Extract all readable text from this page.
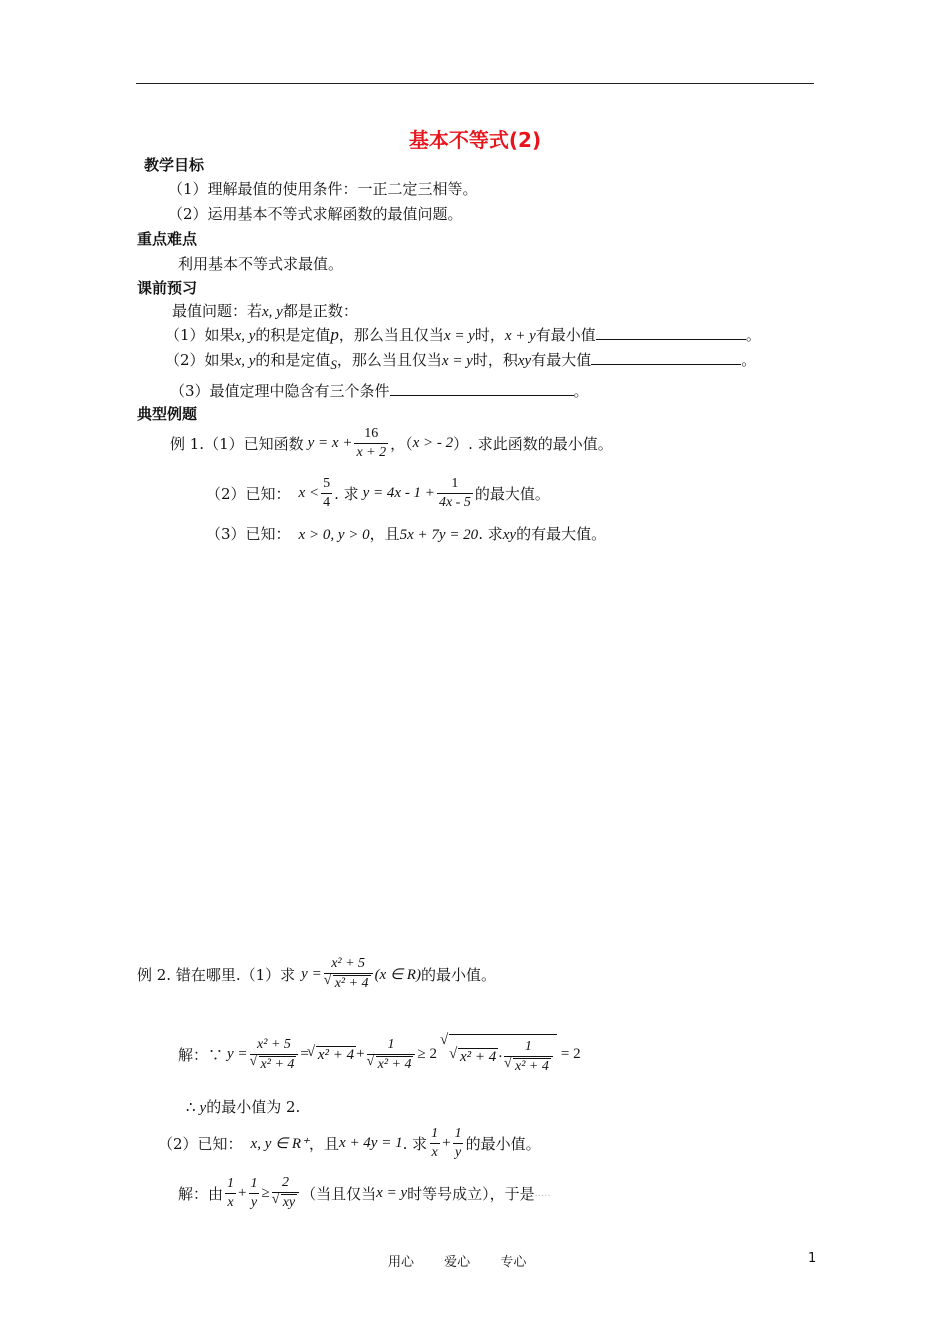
基本不等式(2)
教学目标
（1）理解最值的使用条件：一正二定三相等。
（2）运用基本不等式求解函数的最值问题。
重点难点
利用基本不等式求最值。
课前预习
最值问题：若x, y都是正数：
（1）如果x, y的积是定值p，那么当且仅当x = y时，x + y有最小值	。
（2）如果x, y的和是定值S，那么当且仅当x = y时，积xy有最大值	。
（3）最值定理中隐含有三个条件	。
典型例题
例 1.（1）已知函数 $y = x + \frac{16}{x + 2}$ ，（ x > - 2 ）. 求此函数的最小值。
（2）已知： $x < \frac{5}{4}$ . 求 $y = 4x - 1 + \frac{1}{4x - 5}$ 的最大值。
（3）已知： x > 0, y > 0，且5x + 7y = 20. 求xy的有最大值。
例 2. 错在哪里.（1）求 y = x² + 5
√ x² + 4 (x ∈ R) 的最小值。
解：∵ y = x² + 5
√ x² + 4 = √ x² + 4 + 1
√ x² + 4 ≥ 2 √ √ x² + 4 · 1
√ x² + 4 = 2
∴ y的最小值为 2.
（2）已知： x, y ∈ R⁺ ，且 x + 4y = 1 . 求 $\frac{1}{x} + \frac{1}{y}$ 的最小值。
解：由 $\frac{1}{x} + \frac{1}{y} \ge 2$
√ xy （当且仅当 x = y 时等号成立），于是 .....
用心 爱心 专心	1
